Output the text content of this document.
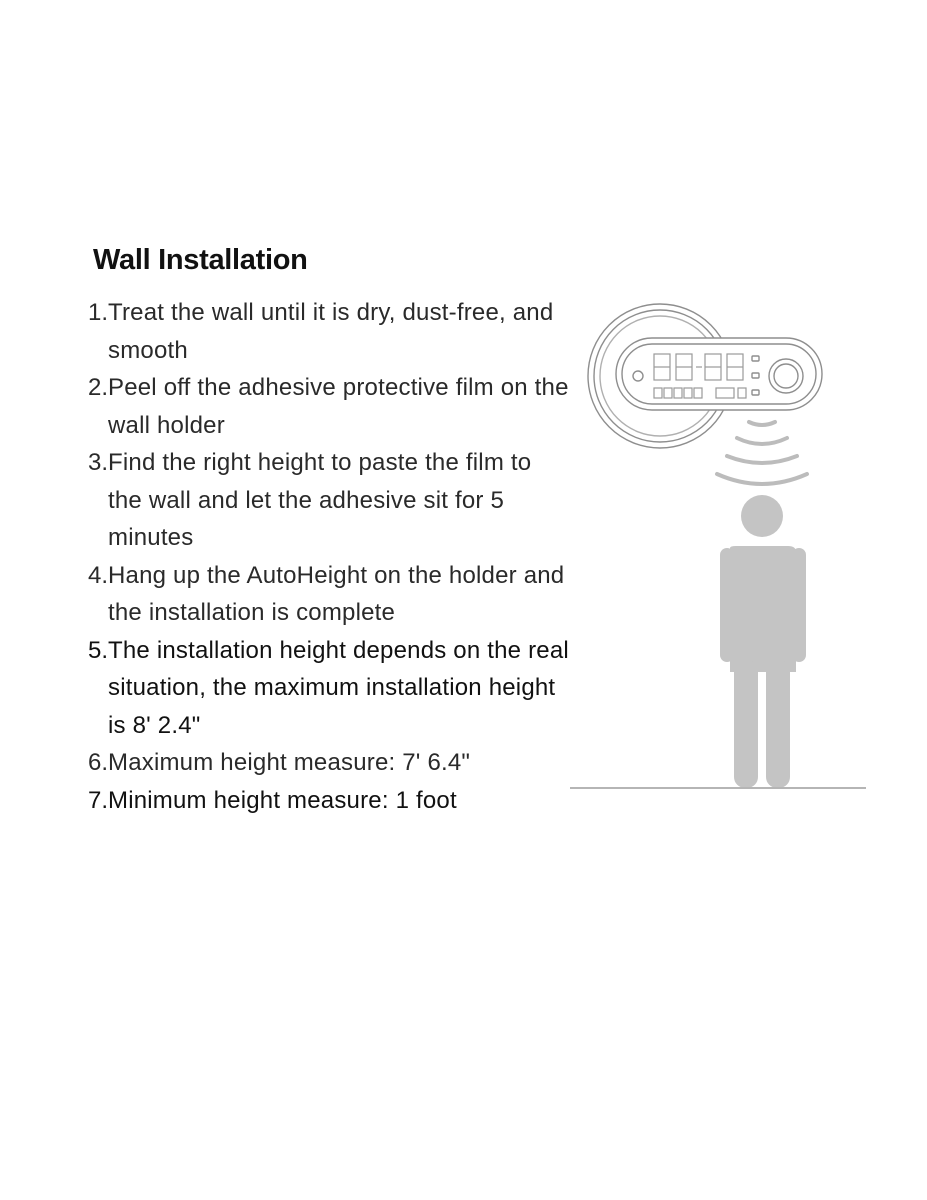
Wall Installation
1. Treat the wall until it is dry, dust-free, and smooth
2. Peel off the adhesive protective film on the wall holder
3. Find the right height to paste the film to the wall and let the adhesive sit for 5 minutes
4. Hang up the AutoHeight on the holder and the installation is complete
5. The installation height depends on the real situation, the maximum installation height is 8' 2.4"
6. Maximum height measure: 7' 6.4"
7. Minimum height measure: 1 foot
